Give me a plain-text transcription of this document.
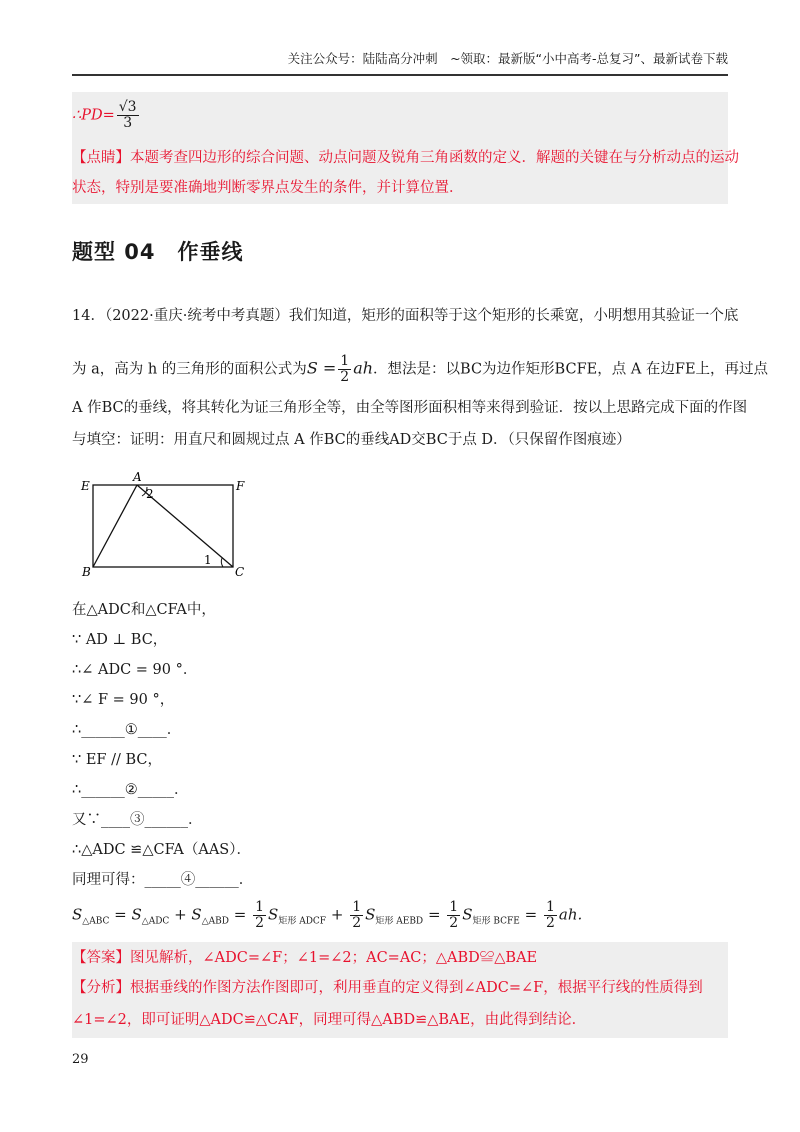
关注公众号：陆陆高分冲刺　~领取：最新版“小中高考-总复习”、最新试卷下载
∴PD= $\frac{√3}{3}$
【点睛】本题考查四边形的综合问题、动点问题及锐角三角函数的定义．解题的关键在与分析动点的运动
状态，特别是要准确地判断零界点发生的条件，并计算位置．
题型 04　作垂线
14．（2022·重庆·统考中考真题）我们知道，矩形的面积等于这个矩形的长乘宽，小明想用其验证一个底
为 a，高为 h 的三角形的面积公式为$S = \frac{1}{2}$ ah．想法是：以BC为边作矩形BCFE，点 A 在边FE上，再过点
A 作BC的垂线，将其转化为证三角形全等，由全等图形面积相等来得到验证．按以上思路完成下面的作图
与填空：证明：用直尺和圆规过点 A 作BC的垂线AD交BC于点 D．（只保留作图痕迹）
E
A
F
B	C
2
1
在△ADC和△CFA中，
∵ AD ⊥ BC，
∴∠ ADC = 90 °．
∵∠ F = 90 °，
∴______①____．
∵ EF // BC，
∴______②_____．
又∵____③______．
∴△ADC ≌△CFA（AAS）．
同理可得：_____④______．
$S_{\triangle ABC} = S_{\triangle ADC} + S_{\triangle ABD} = \frac{1}{2} S_{矩形 ADCF} + \frac{1}{2} S_{矩形 AEBD} = \frac{1}{2} S_{矩形 BCFE} = \frac{1}{2}$ ah.
【答案】图见解析，∠ADC=∠F；∠1=∠2；AC=AC；△ABD≌△BAE
【分析】根据垂线的作图方法作图即可，利用垂直的定义得到∠ADC=∠F，根据平行线的性质得到
∠1=∠2，即可证明△ADC≌△CAF，同理可得△ABD≌△BAE，由此得到结论．
29
